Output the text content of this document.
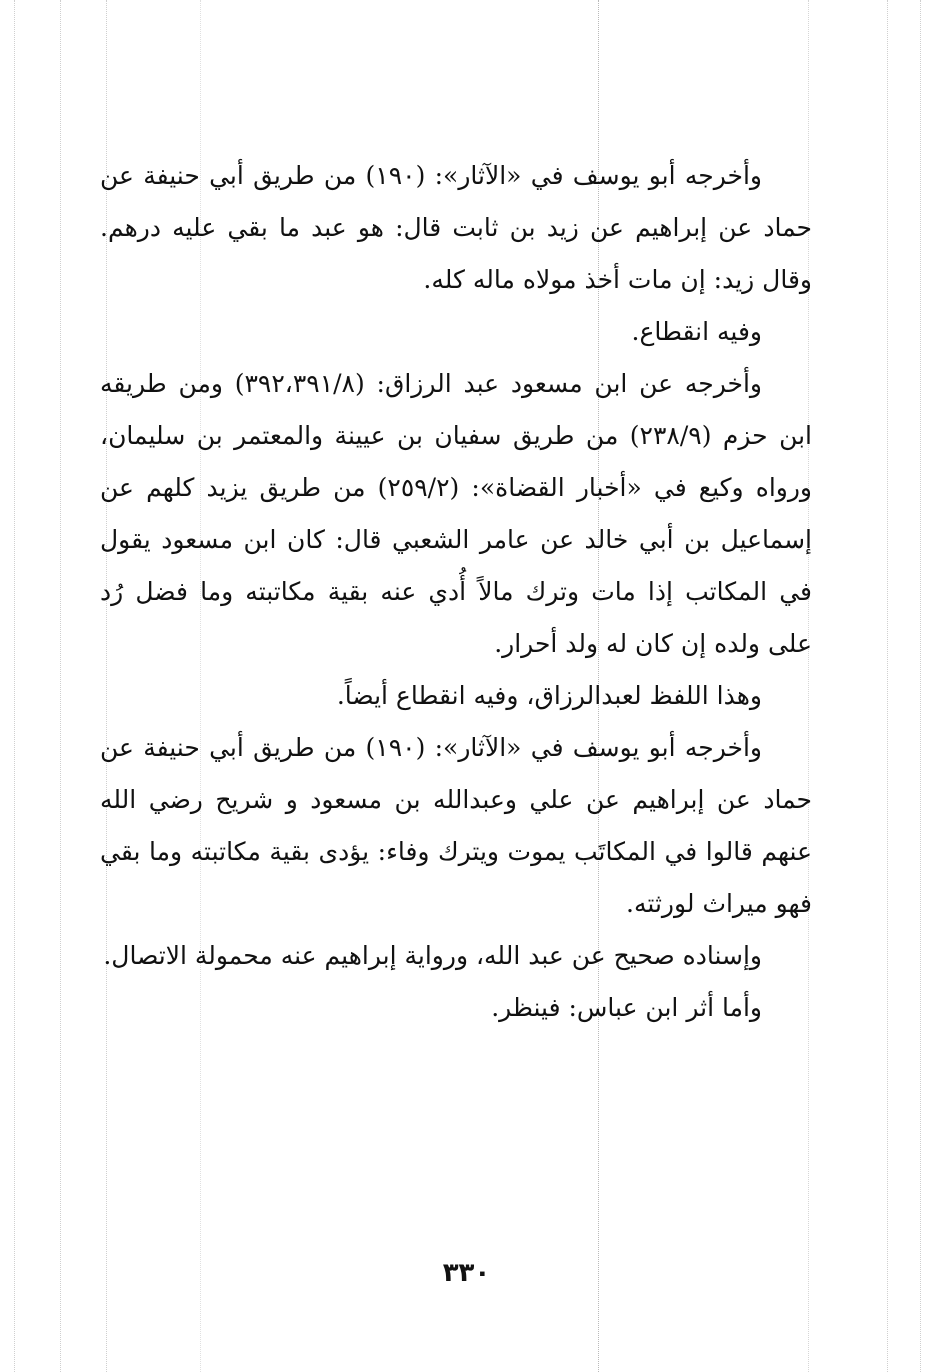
وأخرجه أبو يوسف في «الآثار»: (١٩٠) من طريق أبي حنيفة عن حماد عن إبراهيم عن زيد بن ثابت قال: هو عبد ما بقي عليه درهم. وقال زيد: إن مات أخذ مولاه ماله كله.

وفيه انقطاع.

وأخرجه عن ابن مسعود عبد الرزاق: (٣٩٢،٣٩١/٨) ومن طريقه ابن حزم (٢٣٨/٩) من طريق سفيان بن عيينة والمعتمر بن سليمان، ورواه وكيع في «أخبار القضاة»: (٢٥٩/٢) من طريق يزيد كلهم عن إسماعيل بن أبي خالد عن عامر الشعبي قال: كان ابن مسعود يقول في المكاتب إذا مات وترك مالاً أُدي عنه بقية مكاتبته وما فضل رُد على ولده إن كان له ولد أحرار.

وهذا اللفظ لعبدالرزاق، وفيه انقطاع أيضاً.

وأخرجه أبو يوسف في «الآثار»: (١٩٠) من طريق أبي حنيفة عن حماد عن إبراهيم عن علي وعبدالله بن مسعود و شريح رضي الله عنهم قالوا في المكاتَب يموت ويترك وفاء: يؤدى بقية مكاتبته وما بقي فهو ميراث لورثته.

وإسناده صحيح عن عبد الله، ورواية إبراهيم عنه محمولة الاتصال.

وأما أثر ابن عباس: فينظر.

٣٣٠
